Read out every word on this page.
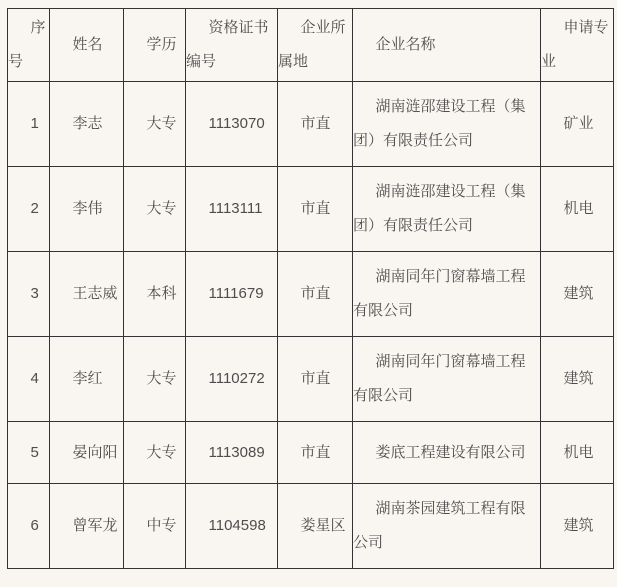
序号	姓名	学历	资格证书编号	企业所属地	企业名称	申请专业
1	李志	大专	1113070	市直	湖南涟邵建设工程（集团）有限责任公司	矿业
2	李伟	大专	1113111	市直	湖南涟邵建设工程（集团）有限责任公司	机电
3	王志威	本科	1111679	市直	湖南同年门窗幕墙工程有限公司	建筑
4	李红	大专	1110272	市直	湖南同年门窗幕墙工程有限公司	建筑
5	晏向阳	大专	1113089	市直	娄底工程建设有限公司	机电
6	曾军龙	中专	1104598	娄星区	湖南茶园建筑工程有限公司	建筑
